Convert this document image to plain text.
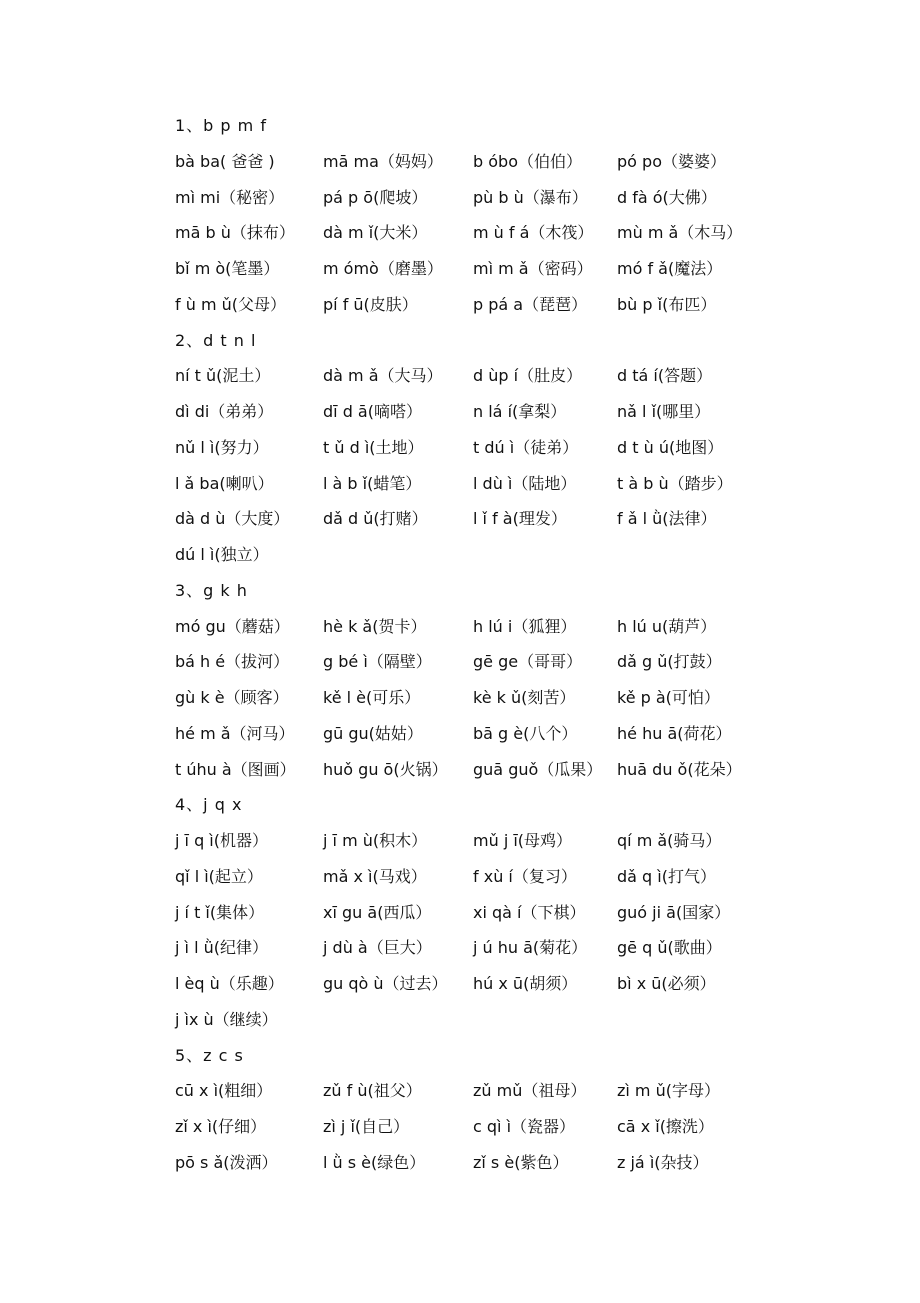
1、b p m f
bà ba( 爸爸 )	mā ma（妈妈） b óbo（伯伯） pó po（婆婆）
mì mi（秘密） pá p ō(爬坡）	pù b ù（瀑布） d fà ó(大佛）
mā b ù（抹布） dà m ǐ(大米）	m ù f á（木筏） mù m ǎ（木马）
bǐ m ò(笔墨）	m ómò（磨墨） mì m ǎ（密码） mó f ǎ(魔法）
f ù m ǔ(父母） pí f ū(皮肤）	p pá a（琵琶） bù p ǐ(布匹）
2、d t n l
ní t ǔ(泥土）	dà m ǎ（大马） d ùp í（肚皮） d tá í(答题）
dì di（弟弟）	dī d ā(嘀嗒）	n lá í(拿梨）	nǎ l ǐ(哪里）
nǔ l ì(努力）	t ǔ d ì(土地）	t dú ì（徒弟） d t ù ú(地图）
l ǎ ba(喇叭）	l à b ǐ(蜡笔）	l dù ì（陆地）	t à b ù（踏步）
dà d ù（大度） dǎ d ǔ(打赌）	l ǐ f à(理发）	f ǎ l ǜ(法律）
dú l ì(独立）
3、g k h
mó gu（蘑菇） hè k ǎ(贺卡）	h lú i（狐狸）	h lú u(葫芦）
bá h é（拔河） g bé ì（隔壁）	gē ge（哥哥） dǎ g ǔ(打鼓）
gù k è（顾客） kě l è(可乐）	kè k ǔ(刻苦）	kě p à(可怕）
hé m ǎ（河马） gū gu(姑姑）	bā g è(八个） hé hu ā(荷花）
t úhu à（图画） huǒ gu ō(火锅） guā guǒ（瓜果） huā du ǒ(花朵）
4、j q x
j ī q ì(机器）	j ī m ù(积木）	mǔ j ī(母鸡）	qí m ǎ(骑马）
qǐ l ì(起立）	mǎ x ì(马戏）	f xù í（复习）	dǎ q ì(打气）
j í t ǐ(集体）	xī gu ā(西瓜）	xi qà í（下棋） guó ji ā(国家）
j ì l ǜ(纪律）	j dù à（巨大）	j ú hu ā(菊花） gē q ǔ(歌曲）
l èq ù（乐趣） gu qò ù（过去） hú x ū(胡须） bì x ū(必须）
j ìx ù（继续）
5、z c s
cū x ì(粗细）	zǔ f ù(祖父）	zǔ mǔ（祖母） zì m ǔ(字母）
zǐ x ì(仔细）	zì j ǐ(自己）	c qì ì（瓷器）	cā x ǐ(擦洗）
pō s ǎ(泼洒）	l ǜ s è(绿色）	zǐ s è(紫色）	z já ì(杂技）
